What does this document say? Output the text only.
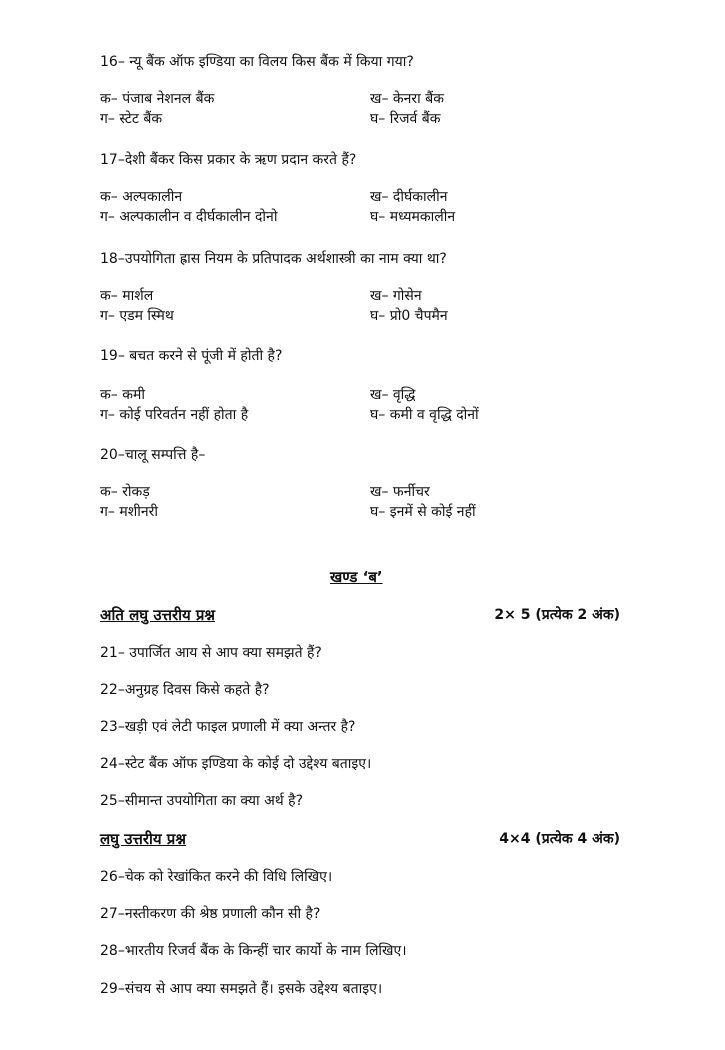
16– न्यू बैंक ऑफ इण्डिया का विलय किस बैंक में किया गया?
क– पंजाब नेशनल बैंक	ख– केनरा बैंक
ग– स्टेट बैंक	घ– रिजर्व बैंक
17–देशी बैंकर किस प्रकार के ऋण प्रदान करते हैं?
क– अल्पकालीन	ख– दीर्घकालीन
ग– अल्पकालीन व दीर्घकालीन दोनो	घ– मध्यमकालीन
18–उपयोगिता ह्रास नियम के प्रतिपादक अर्थशास्त्री का नाम क्या था?
क– मार्शल	ख– गोसेन
ग– एडम स्मिथ	घ– प्रो0 चैपमैन
19– बचत करने से पूंजी में होती है?
क– कमी	ख– वृद्धि
ग– कोई परिवर्तन नहीं होता है	घ– कमी व वृद्धि दोनों
20–चालू सम्पत्ति है–
क– रोकड़	ख– फर्नीचर
ग– मशीनरी	घ– इनमें से कोई नहीं
खण्ड ‘ब’
अति लघु उत्तरीय प्रश्न	2× 5 (प्रत्येक 2 अंक)
21– उपार्जित आय से आप क्या समझते हैं?
22–अनुग्रह दिवस किसे कहते है?
23–खड़ी एवं लेटी फाइल प्रणाली में क्या अन्तर है?
24–स्टेट बैंक ऑफ इण्डिया के कोई दो उद्देश्य बताइए।
25–सीमान्त उपयोगिता का क्या अर्थ है?
लघु उत्तरीय प्रश्न	4×4 (प्रत्येक 4 अंक)
26–चेक को रेखांकित करने की विधि लिखिए।
27–नस्तीकरण की श्रेष्ठ प्रणाली कौन सी है?
28–भारतीय रिजर्व बैंक के किन्हीं चार कार्यो के नाम लिखिए।
29–संचय से आप क्या समझते हैं। इसके उद्देश्य बताइए।
